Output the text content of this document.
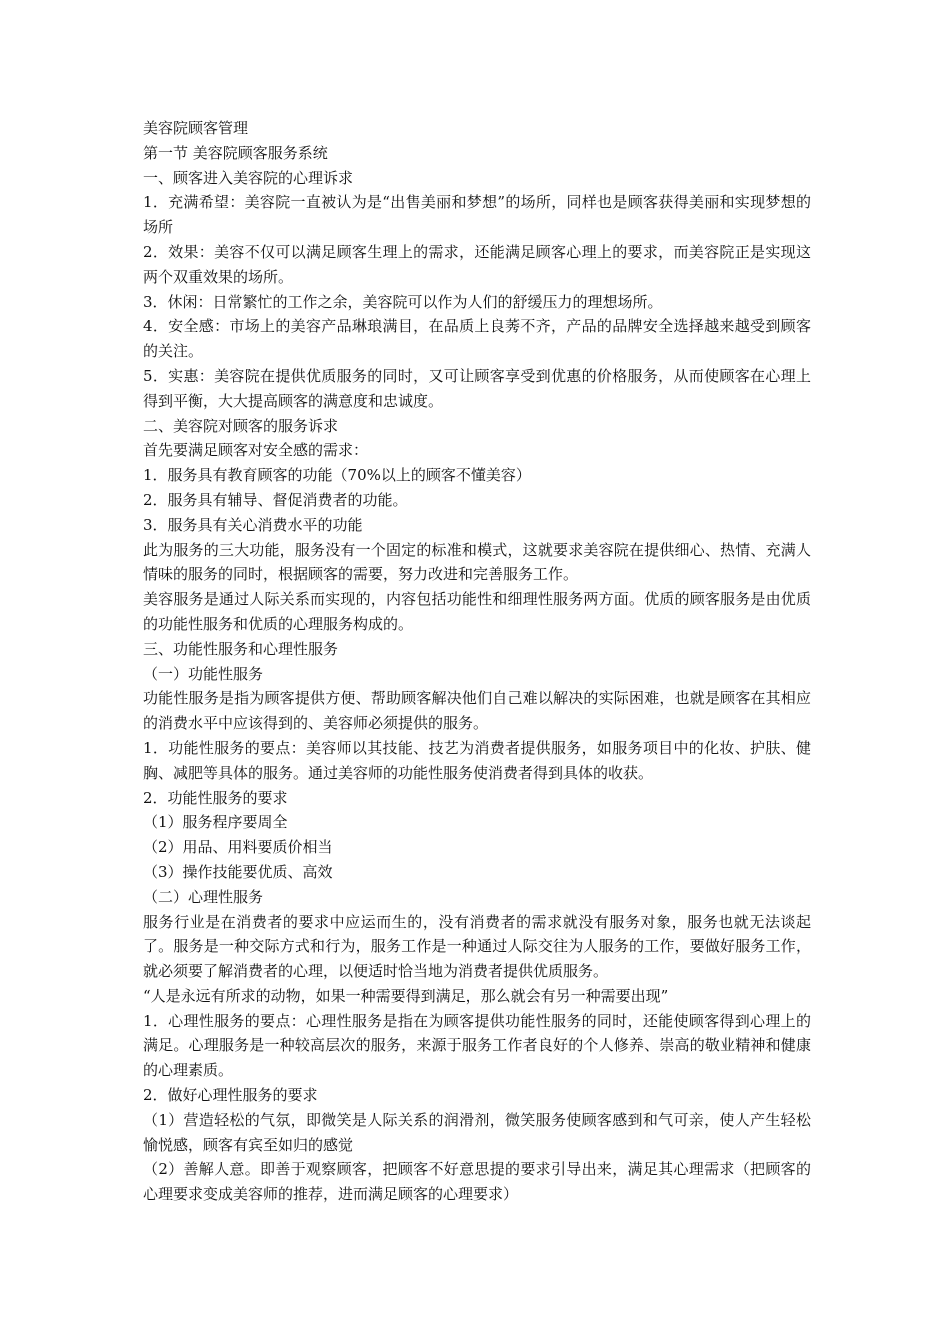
美容院顾客管理

第一节 美容院顾客服务系统

一、顾客进入美容院的心理诉求

1．充满希望：美容院一直被认为是“出售美丽和梦想”的场所，同样也是顾客获得美丽和实现梦想的场所

2．效果：美容不仅可以满足顾客生理上的需求，还能满足顾客心理上的要求，而美容院正是实现这两个双重效果的场所。

3．休闲：日常繁忙的工作之余，美容院可以作为人们的舒缓压力的理想场所。

4．安全感：市场上的美容产品琳琅满目，在品质上良莠不齐，产品的品牌安全选择越来越受到顾客的关注。

5．实惠：美容院在提供优质服务的同时，又可让顾客享受到优惠的价格服务，从而使顾客在心理上得到平衡，大大提高顾客的满意度和忠诚度。

二、美容院对顾客的服务诉求

首先要满足顾客对安全感的需求：

1．服务具有教育顾客的功能（70%以上的顾客不懂美容）

2．服务具有辅导、督促消费者的功能。

3．服务具有关心消费水平的功能

此为服务的三大功能，服务没有一个固定的标准和模式，这就要求美容院在提供细心、热情、充满人情味的服务的同时，根据顾客的需要，努力改进和完善服务工作。

美容服务是通过人际关系而实现的，内容包括功能性和细理性服务两方面。优质的顾客服务是由优质的功能性服务和优质的心理服务构成的。

三、功能性服务和心理性服务

（一）功能性服务

功能性服务是指为顾客提供方便、帮助顾客解决他们自己难以解决的实际困难，也就是顾客在其相应的消费水平中应该得到的、美容师必须提供的服务。

1．功能性服务的要点：美容师以其技能、技艺为消费者提供服务，如服务项目中的化妆、护肤、健胸、减肥等具体的服务。通过美容师的功能性服务使消费者得到具体的收获。

2．功能性服务的要求

（1）服务程序要周全

（2）用品、用料要质价相当

（3）操作技能要优质、高效

（二）心理性服务

服务行业是在消费者的要求中应运而生的，没有消费者的需求就没有服务对象，服务也就无法谈起了。服务是一种交际方式和行为，服务工作是一种通过人际交往为人服务的工作，要做好服务工作，就必须要了解消费者的心理，以便适时恰当地为消费者提供优质服务。

“人是永远有所求的动物，如果一种需要得到满足，那么就会有另一种需要出现”

1．心理性服务的要点：心理性服务是指在为顾客提供功能性服务的同时，还能使顾客得到心理上的满足。心理服务是一种较高层次的服务，来源于服务工作者良好的个人修养、崇高的敬业精神和健康的心理素质。

2．做好心理性服务的要求

（1）营造轻松的气氛，即微笑是人际关系的润滑剂，微笑服务使顾客感到和气可亲，使人产生轻松愉悦感，顾客有宾至如归的感觉

（2）善解人意。即善于观察顾客，把顾客不好意思提的要求引导出来，满足其心理需求（把顾客的心理要求变成美容师的推荐，进而满足顾客的心理要求）
